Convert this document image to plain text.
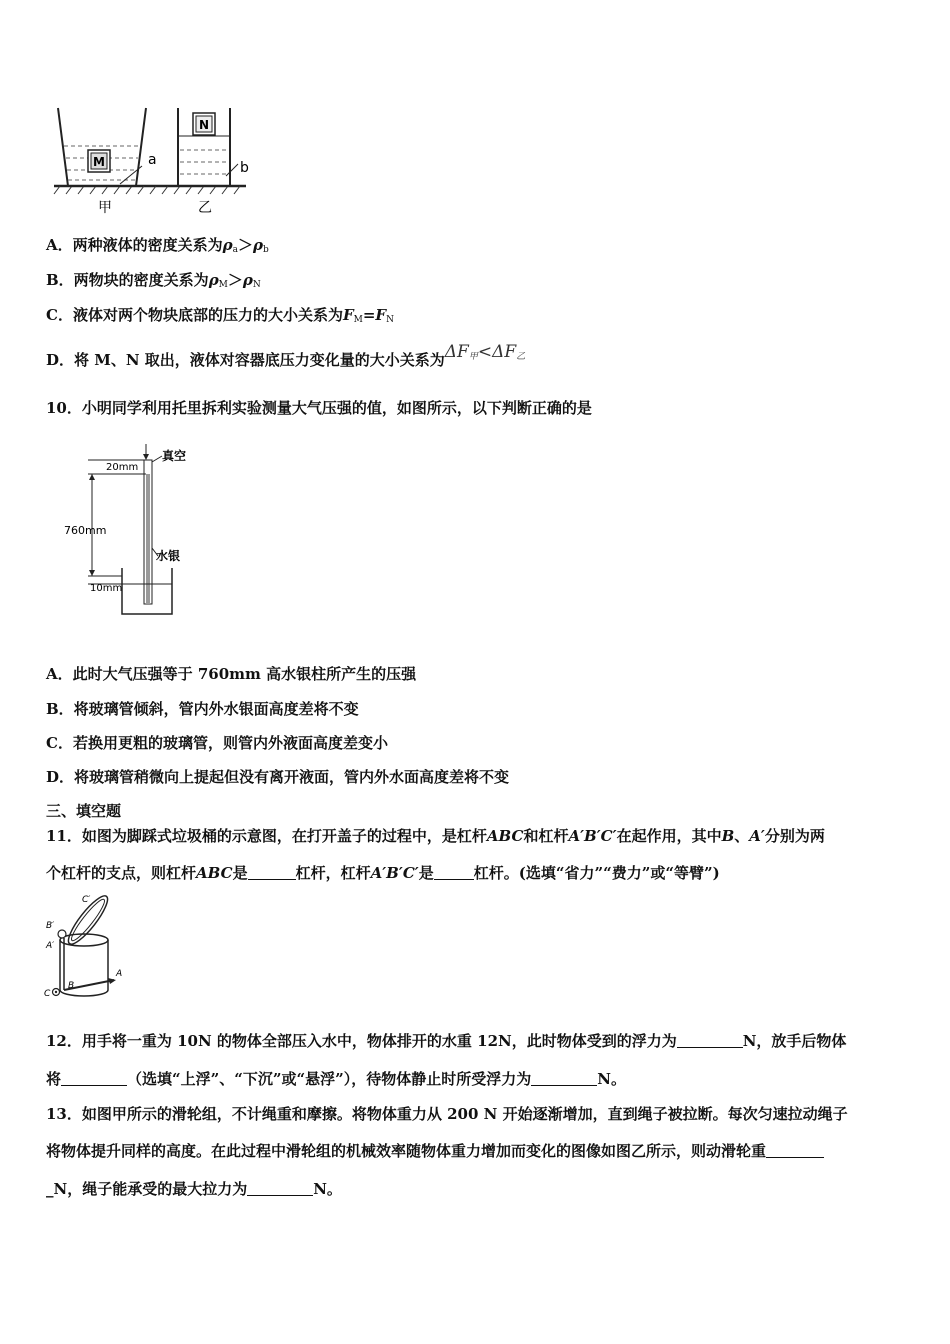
M	a
N
b
甲	乙
A．两种液体的密度关系为$\rho_a>\rho_b$
B．两物块的密度关系为$\rho_M>\rho_N$
C．液体对两个物块底部的压力的大小关系为$F_M=F_N$
D．将 M、N 取出，液体对容器底压力变化量的大小关系为$\Delta F_甲<\Delta F_乙$
10．小明同学利用托里拆利实验测量大气压强的值，如图所示，以下判断正确的是
20mm
真空
760mm
水银
10mm
A．此时大气压强等于 760mm 高水银柱所产生的压强
B．将玻璃管倾斜，管内外水银面高度差将不变
C．若换用更粗的玻璃管，则管内外液面高度差变小
D．将玻璃管稍微向上提起但没有离开液面，管内外水面高度差将不变
三、填空题
11．如图为脚踩式垃圾桶的示意图，在打开盖子的过程中，是杠杆ABC和杠杆A′B′C′在起作用，其中B、A′分别为两
个杠杆的支点，则杠杆ABC是	杠杆，杠杆A′B′C′是	杠杆。(选填“省力”“费力”或“等臂”)
C′
B′
A′
C
B
A
12．用手将一重为 10N 的物体全部压入水中，物体排开的水重 12N，此时物体受到的浮力为	N，放手后物体
将	（选填“上浮”、“下沉”或“悬浮”），待物体静止时所受浮力为	N。
13．如图甲所示的滑轮组，不计绳重和摩擦。将物体重力从 200 N 开始逐渐增加，直到绳子被拉断。每次匀速拉动绳子
将物体提升同样的高度。在此过程中滑轮组的机械效率随物体重力增加而变化的图像如图乙所示，则动滑轮重
_N，绳子能承受的最大拉力为	N。
